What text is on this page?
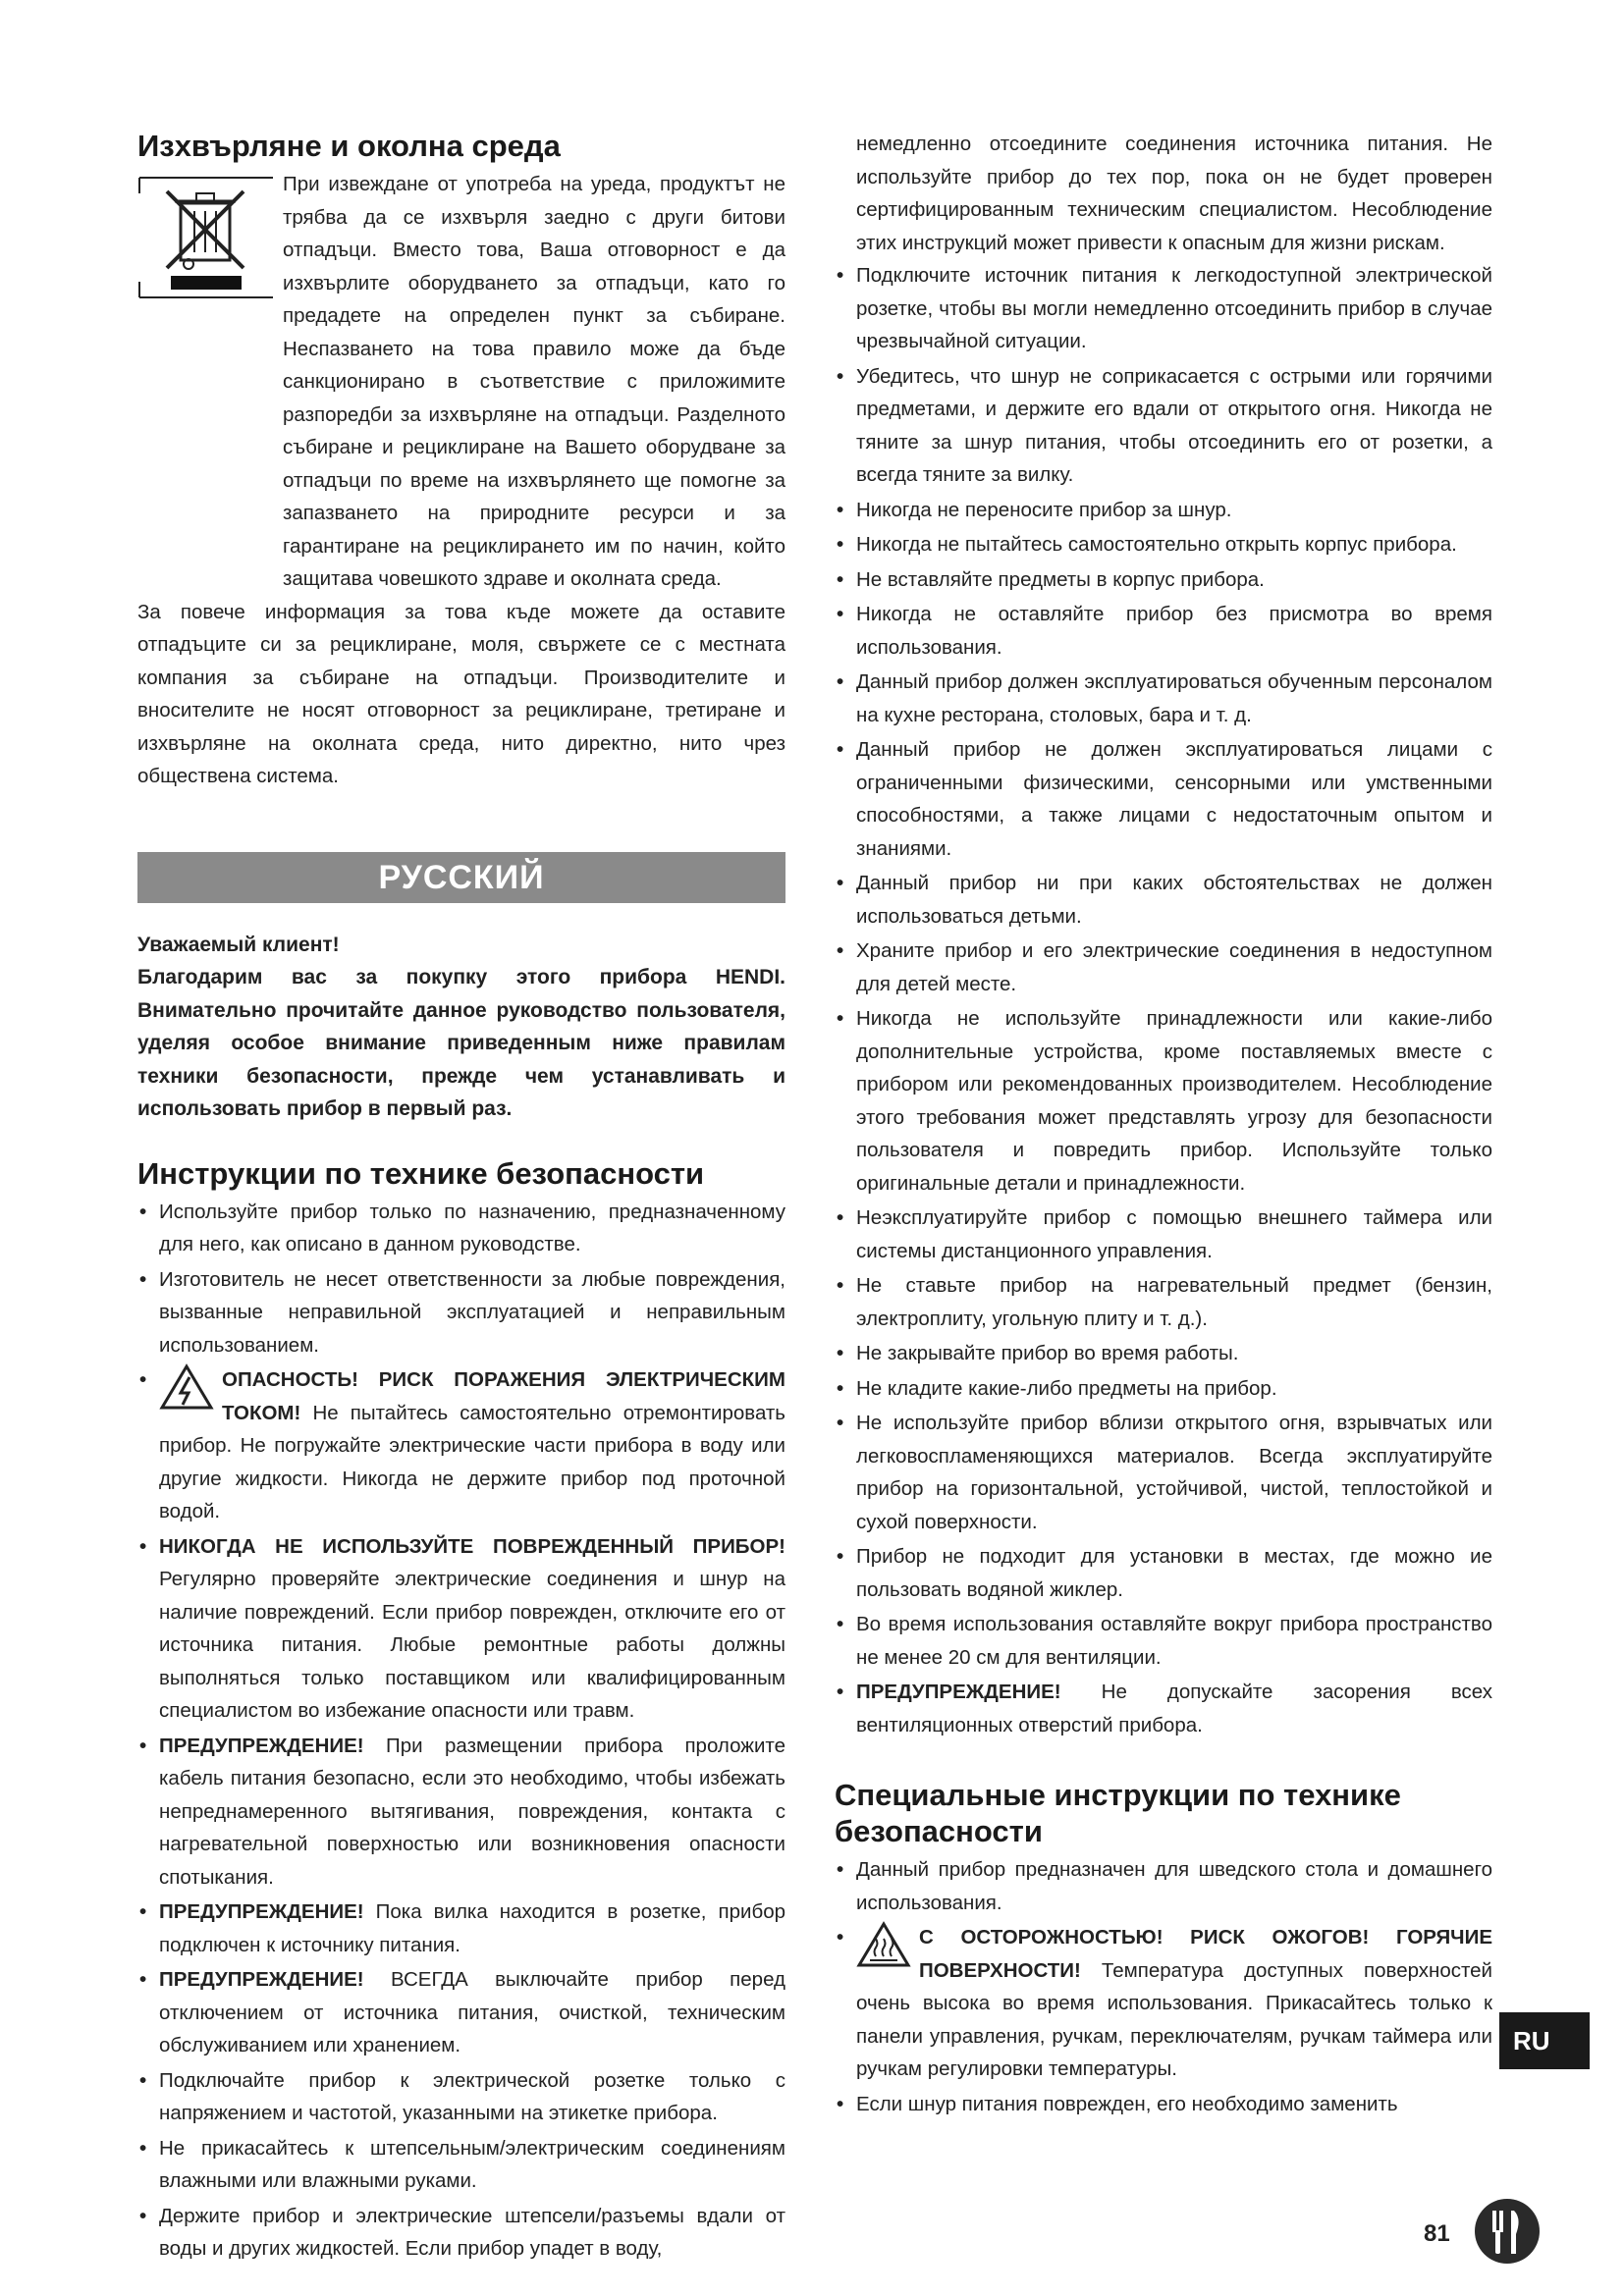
Изхвърляне и околна среда

При извеждане от употреба на уреда, продуктът не трябва да се изхвърля заедно с други битови отпадъци. Вместо това, Ваша отговорност е да изхвърлите оборудването за отпадъци, като го предадете на определен пункт за събиране. Неспазването на това правило може да бъде санкционирано в съответствие с приложимите разпоредби за изхвърляне на отпадъци. Разделното събиране и рециклиране на Вашето оборудване за отпадъци по време на изхвърлянето ще помогне за запазването на природните ресурси и за гарантиране на рециклирането им по начин, който защитава човешкото здраве и околната среда.

За повече информация за това къде можете да оставите отпадъците си за рециклиране, моля, свържете се с местната компания за събиране на отпадъци. Производителите и вносителите не носят отговорност за рециклиране, третиране и изхвърляне на околната среда, нито директно, нито чрез обществена система.

РУССКИЙ

Уважаемый клиент!

Благодарим вас за покупку этого прибора HENDI. Внимательно прочитайте данное руководство пользователя, уделяя особое внимание приведенным ниже правилам техники безопасности, прежде чем устанавливать и использовать прибор в первый раз.

Инструкции по технике безопасности
• Используйте прибор только по назначению, предназначенному для него, как описано в данном руководстве.
• Изготовитель не несет ответственности за любые повреждения, вызванные неправильной эксплуатацией и неправильным использованием.
• ОПАСНОСТЬ! РИСК ПОРАЖЕНИЯ ЭЛЕКТРИЧЕСКИМ ТОКОМ! Не пытайтесь самостоятельно отремонтировать прибор. Не погружайте электрические части прибора в воду или другие жидкости. Никогда не держите прибор под проточной водой.
• НИКОГДА НЕ ИСПОЛЬЗУЙТЕ ПОВРЕЖДЕННЫЙ ПРИБОР! Регулярно проверяйте электрические соединения и шнур на наличие повреждений. Если прибор поврежден, отключите его от источника питания. Любые ремонтные работы должны выполняться только поставщиком или квалифицированным специалистом во избежание опасности или травм.
• ПРЕДУПРЕЖДЕНИЕ! При размещении прибора проложите кабель питания безопасно, если это необходимо, чтобы избежать непреднамеренного вытягивания, повреждения, контакта с нагревательной поверхностью или возникновения опасности спотыкания.
• ПРЕДУПРЕЖДЕНИЕ! Пока вилка находится в розетке, прибор подключен к источнику питания.
• ПРЕДУПРЕЖДЕНИЕ! ВСЕГДА выключайте прибор перед отключением от источника питания, очисткой, техническим обслуживанием или хранением.
• Подключайте прибор к электрической розетке только с напряжением и частотой, указанными на этикетке прибора.
• Не прикасайтесь к штепсельным/электрическим соединениям влажными или влажными руками.
• Держите прибор и электрические штепсели/разъемы вдали от воды и других жидкостей. Если прибор упадет в воду,

немедленно отсоедините соединения источника питания. Не используйте прибор до тех пор, пока он не будет проверен сертифицированным техническим специалистом. Несоблюдение этих инструкций может привести к опасным для жизни рискам.

• Подключите источник питания к легкодоступной электрической розетке, чтобы вы могли немедленно отсоединить прибор в случае чрезвычайной ситуации.
• Убедитесь, что шнур не соприкасается с острыми или горячими предметами, и держите его вдали от открытого огня. Никогда не тяните за шнур питания, чтобы отсоединить его от розетки, а всегда тяните за вилку.
• Никогда не переносите прибор за шнур.
• Никогда не пытайтесь самостоятельно открыть корпус прибора.
• Не вставляйте предметы в корпус прибора.
• Никогда не оставляйте прибор без присмотра во время использования.
• Данный прибор должен эксплуатироваться обученным персоналом на кухне ресторана, столовых, бара и т. д.
• Данный прибор не должен эксплуатироваться лицами с ограниченными физическими, сенсорными или умственными способностями, а также лицами с недостаточным опытом и знаниями.
• Данный прибор ни при каких обстоятельствах не должен использоваться детьми.
• Храните прибор и его электрические соединения в недоступном для детей месте.
• Никогда не используйте принадлежности или какие-либо дополнительные устройства, кроме поставляемых вместе с прибором или рекомендованных производителем. Несоблюдение этого требования может представлять угрозу для безопасности пользователя и повредить прибор. Используйте только оригинальные детали и принадлежности.
• Неэксплуатируйте прибор с помощью внешнего таймера или системы дистанционного управления.
• Не ставьте прибор на нагревательный предмет (бензин, электроплиту, угольную плиту и т. д.).
• Не закрывайте прибор во время работы.
• Не кладите какие-либо предметы на прибор.
• Не используйте прибор вблизи открытого огня, взрывчатых или легковоспламеняющихся материалов. Всегда эксплуатируйте прибор на горизонтальной, устойчивой, чистой, теплостойкой и сухой поверхности.
• Прибор не подходит для установки в местах, где можно ие пользовать водяной жиклер.
• Во время использования оставляйте вокруг прибора пространство не менее 20 см для вентиляции.
• ПРЕДУПРЕЖДЕНИЕ! Не допускайте засорения всех вентиляционных отверстий прибора.
Специальные инструкции по технике безопасности
• Данный прибор предназначен для шведского стола и домашнего использования.
• С ОСТОРОЖНОСТЬЮ! РИСК ОЖОГОВ! ГОРЯЧИЕ ПОВЕРХНОСТИ! Температура доступных поверхностей очень высока во время использования. Прикасайтесь только к панели управления, ручкам, переключателям, ручкам таймера или ручкам регулировки температуры.
• Если шнур питания поврежден, его необходимо заменить
RU
81
